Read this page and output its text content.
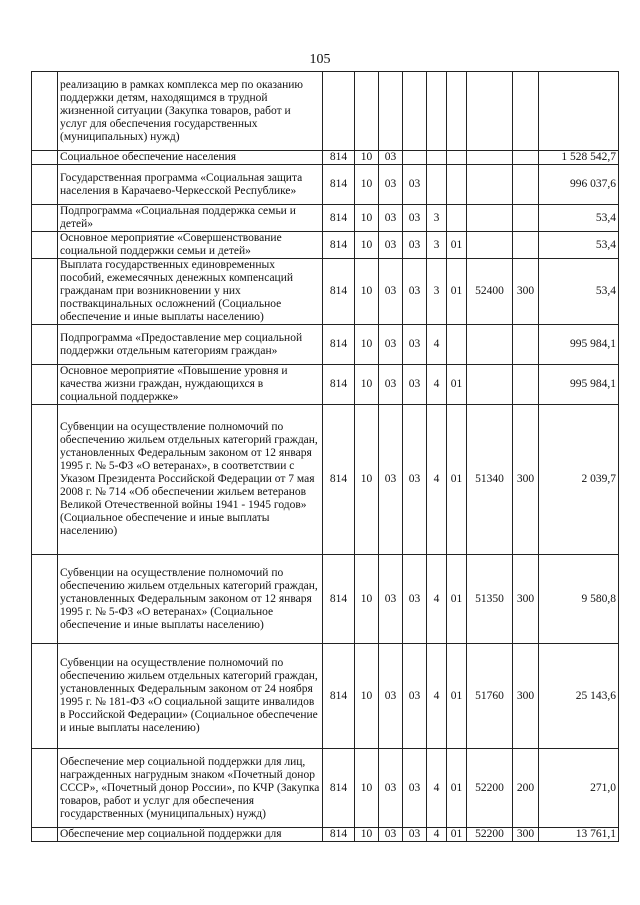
105
	реализацию в рамках комплекса мер по оказанию поддержки детям, находящимся в трудной жизненной ситуации (Закупка товаров, работ и услуг для обеспечения государственных (муниципальных) нужд)									
	Социальное обеспечение населения	814	10	03						1 528 542,7
	Государственная программа «Социальная защита населения в Карачаево-Черкесской Республике»	814	10	03	03					996 037,6
	Подпрограмма «Социальная поддержка семьи и детей»	814	10	03	03	3				53,4
	Основное мероприятие «Совершенствование социальной поддержки семьи и детей»	814	10	03	03	3	01			53,4
	Выплата государственных единовременных пособий, ежемесячных денежных компенсаций гражданам при возникновении у них поствакцинальных осложнений (Социальное обеспечение и иные выплаты населению)	814	10	03	03	3	01	52400	300	53,4
	Подпрограмма «Предоставление мер социальной поддержки отдельным категориям граждан»	814	10	03	03	4				995 984,1
	Основное мероприятие «Повышение уровня и качества жизни граждан, нуждающихся в социальной поддержке»	814	10	03	03	4	01			995 984,1
	Субвенции на осуществление полномочий по обеспечению жильем отдельных категорий граждан, установленных Федеральным законом от 12 января 1995 г. № 5-ФЗ «О ветеранах», в соответствии с Указом Президента Российской Федерации от 7 мая 2008 г. № 714 «Об обеспечении жильем ветеранов Великой Отечественной войны 1941 - 1945 годов» (Социальное обеспечение и иные выплаты населению)	814	10	03	03	4	01	51340	300	2 039,7
	Субвенции на осуществление полномочий по обеспечению жильем отдельных категорий граждан, установленных Федеральным законом от 12 января 1995 г. № 5-ФЗ «О ветеранах» (Социальное обеспечение и иные выплаты населению)	814	10	03	03	4	01	51350	300	9 580,8
	Субвенции на осуществление полномочий по обеспечению жильем отдельных категорий граждан, установленных Федеральным законом от 24 ноября 1995 г. № 181-ФЗ «О социальной защите инвалидов в Российской Федерации» (Социальное обеспечение и иные выплаты населению)	814	10	03	03	4	01	51760	300	25 143,6
	Обеспечение мер социальной поддержки для лиц, награжденных нагрудным знаком «Почетный донор СССР», «Почетный донор России», по КЧР (Закупка товаров, работ и услуг для обеспечения государственных (муниципальных) нужд)	814	10	03	03	4	01	52200	200	271,0
	Обеспечение мер социальной поддержки для	814	10	03	03	4	01	52200	300	13 761,1
